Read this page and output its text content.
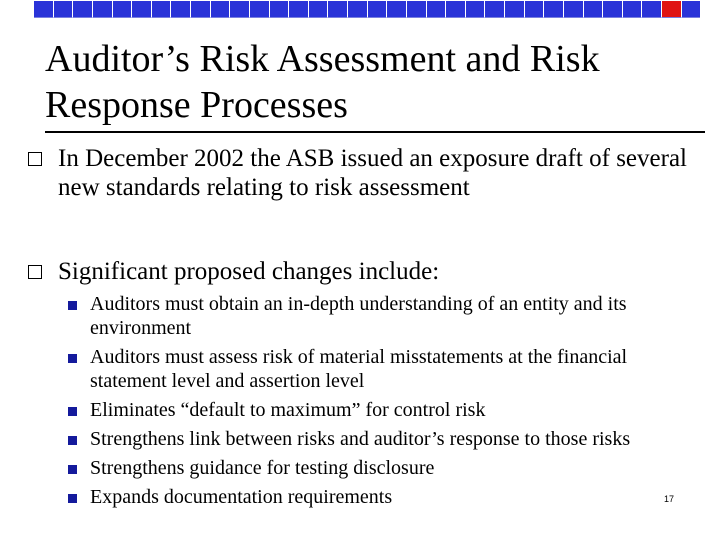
Auditor’s Risk Assessment and Risk Response Processes
In December 2002 the ASB issued an exposure draft of several new standards relating to risk assessment
Significant proposed changes include:
Auditors must obtain an in-depth understanding of an entity and its environment
Auditors must assess risk of material misstatements at the financial statement level and assertion level
Eliminates “default to maximum” for control risk
Strengthens link between risks and auditor’s response to those risks
Strengthens guidance for testing disclosure
Expands documentation requirements	17
